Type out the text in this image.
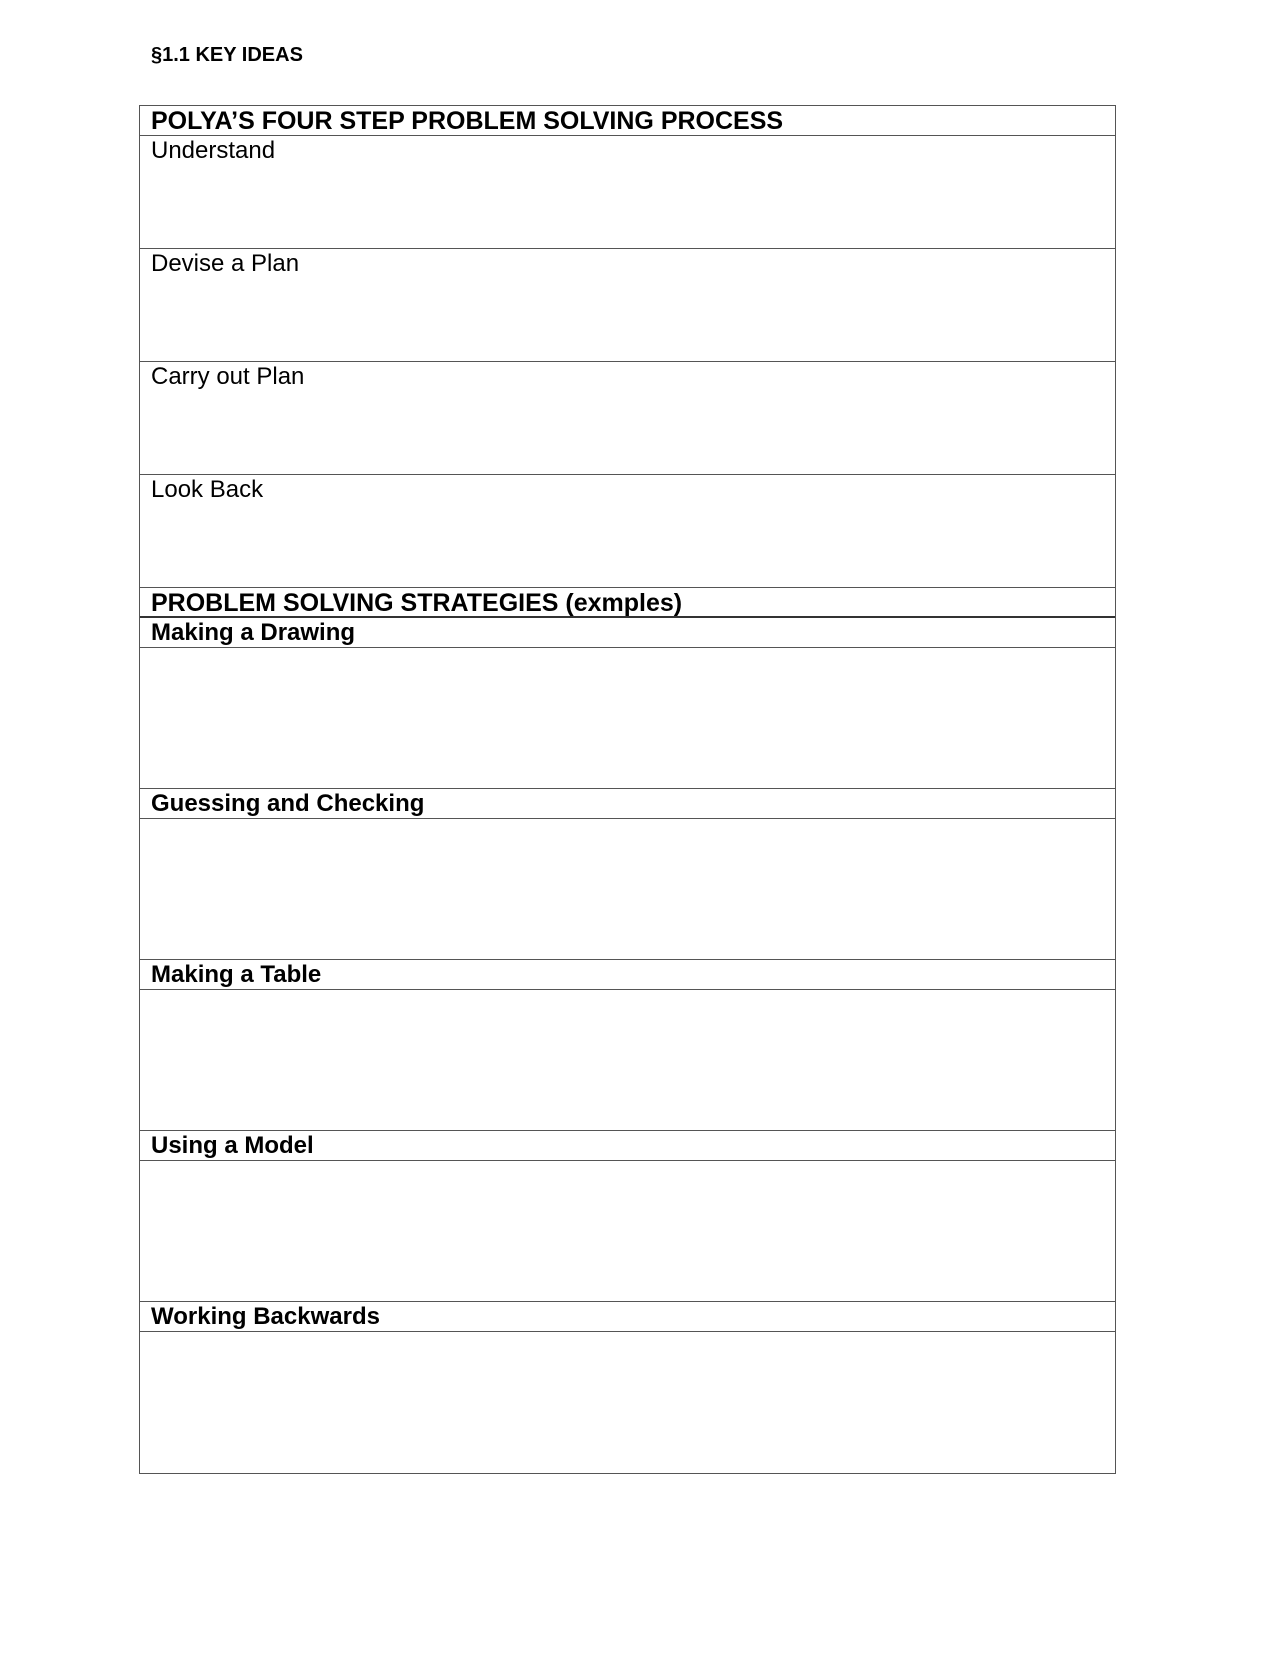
§1.1 KEY IDEAS
POLYA’S FOUR STEP PROBLEM SOLVING PROCESS
Understand
Devise a Plan
Carry out Plan
Look Back
PROBLEM SOLVING STRATEGIES (exmples)
Making a Drawing
Guessing and Checking
Making a Table
Using a Model
Working Backwards
